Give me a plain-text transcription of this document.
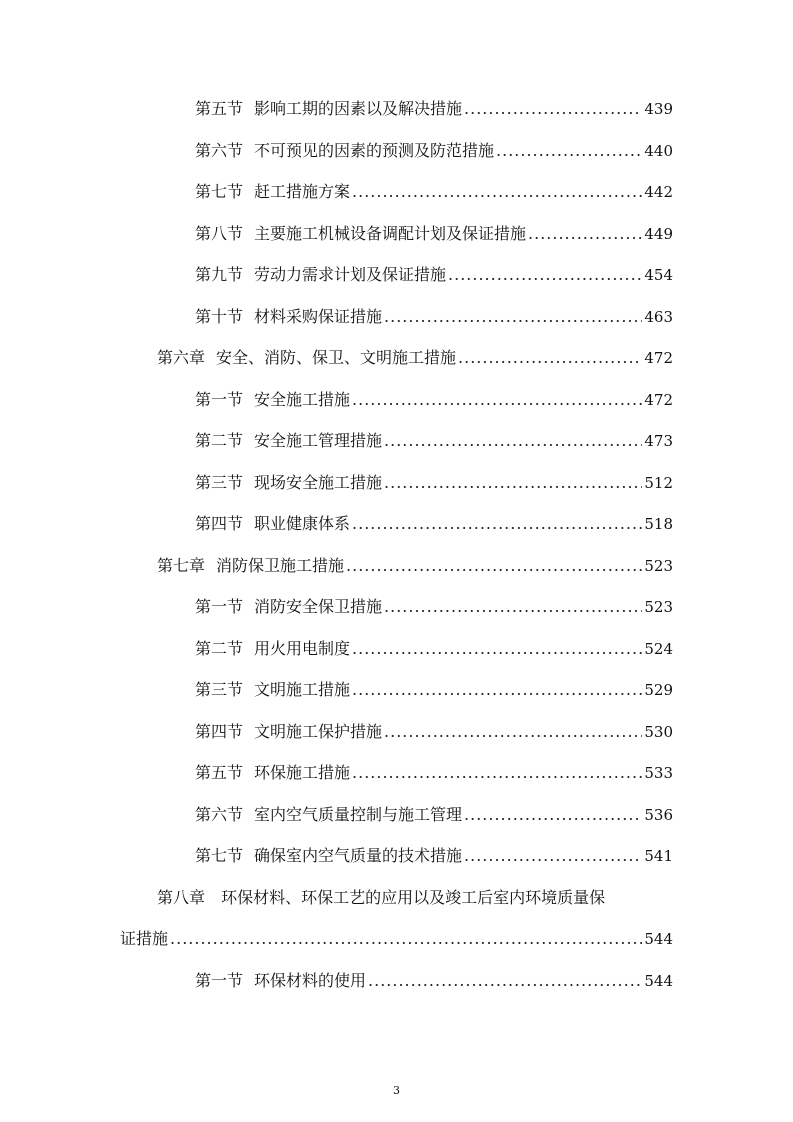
第五节 影响工期的因素以及解决措施 .....	439
第六节 不可预见的因素的预测及防范措施 .....	440
第七节 赶工措施方案 .....	442
第八节 主要施工机械设备调配计划及保证措施 .....	449
第九节 劳动力需求计划及保证措施 .....	454
第十节 材料采购保证措施 .....	463
第六章 安全、消防、保卫、文明施工措施 .....	472
第一节 安全施工措施 .....	472
第二节 安全施工管理措施 .....	473
第三节 现场安全施工措施 .....	512
第四节 职业健康体系 .....	518
第七章 消防保卫施工措施 .....	523
第一节 消防安全保卫措施 .....	523
第二节 用火用电制度 .....	524
第三节 文明施工措施 .....	529
第四节 文明施工保护措施 .....	530
第五节 环保施工措施 .....	533
第六节 室内空气质量控制与施工管理 .....	536
第七节 确保室内空气质量的技术措施 .....	541
第八章 环保材料、环保工艺的应用以及竣工后室内环境质量保
证措施 .....	544
第一节 环保材料的使用 .....	544
3
